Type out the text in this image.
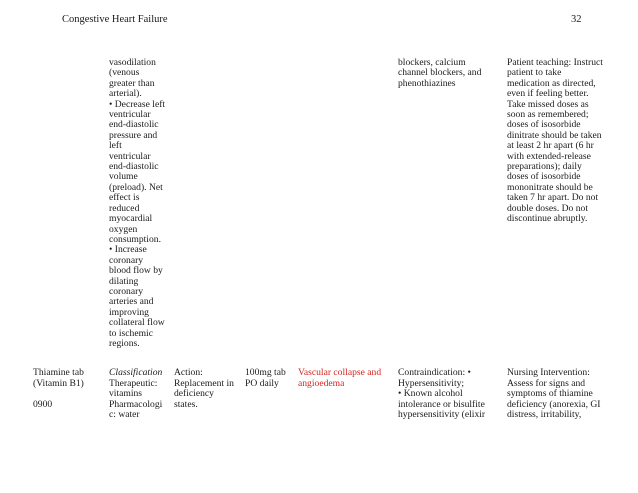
Congestive Heart Failure	32
vasodilation
(venous
greater than
arterial).
• Decrease left
ventricular
end-diastolic
pressure and
left
ventricular
end-diastolic
volume
(preload). Net
effect is
reduced
myocardial
oxygen
consumption.
• Increase
coronary
blood flow by
dilating
coronary
arteries and
improving
collateral flow
to ischemic
regions.
blockers, calcium
channel blockers, and
phenothiazines
Patient teaching: Instruct
patient to take
medication as directed,
even if feeling better.
Take missed doses as
soon as remembered;
doses of isosorbide
dinitrate should be taken
at least 2 hr apart (6 hr
with extended-release
preparations); daily
doses of isosorbide
mononitrate should be
taken 7 hr apart. Do not
double doses. Do not
discontinue abruptly.
Thiamine tab
(Vitamin B1)

0900
Classification
Therapeutic:
vitamins
Pharmacologi
c: water
Action:
Replacement in
deficiency
states.
100mg tab
PO daily
Vascular collapse and
angioedema
Contraindication: •
Hypersensitivity;
• Known alcohol
intolerance or bisulfite
hypersensitivity (elixir
Nursing Intervention:
Assess for signs and
symptoms of thiamine
deficiency (anorexia, GI
distress, irritability,
